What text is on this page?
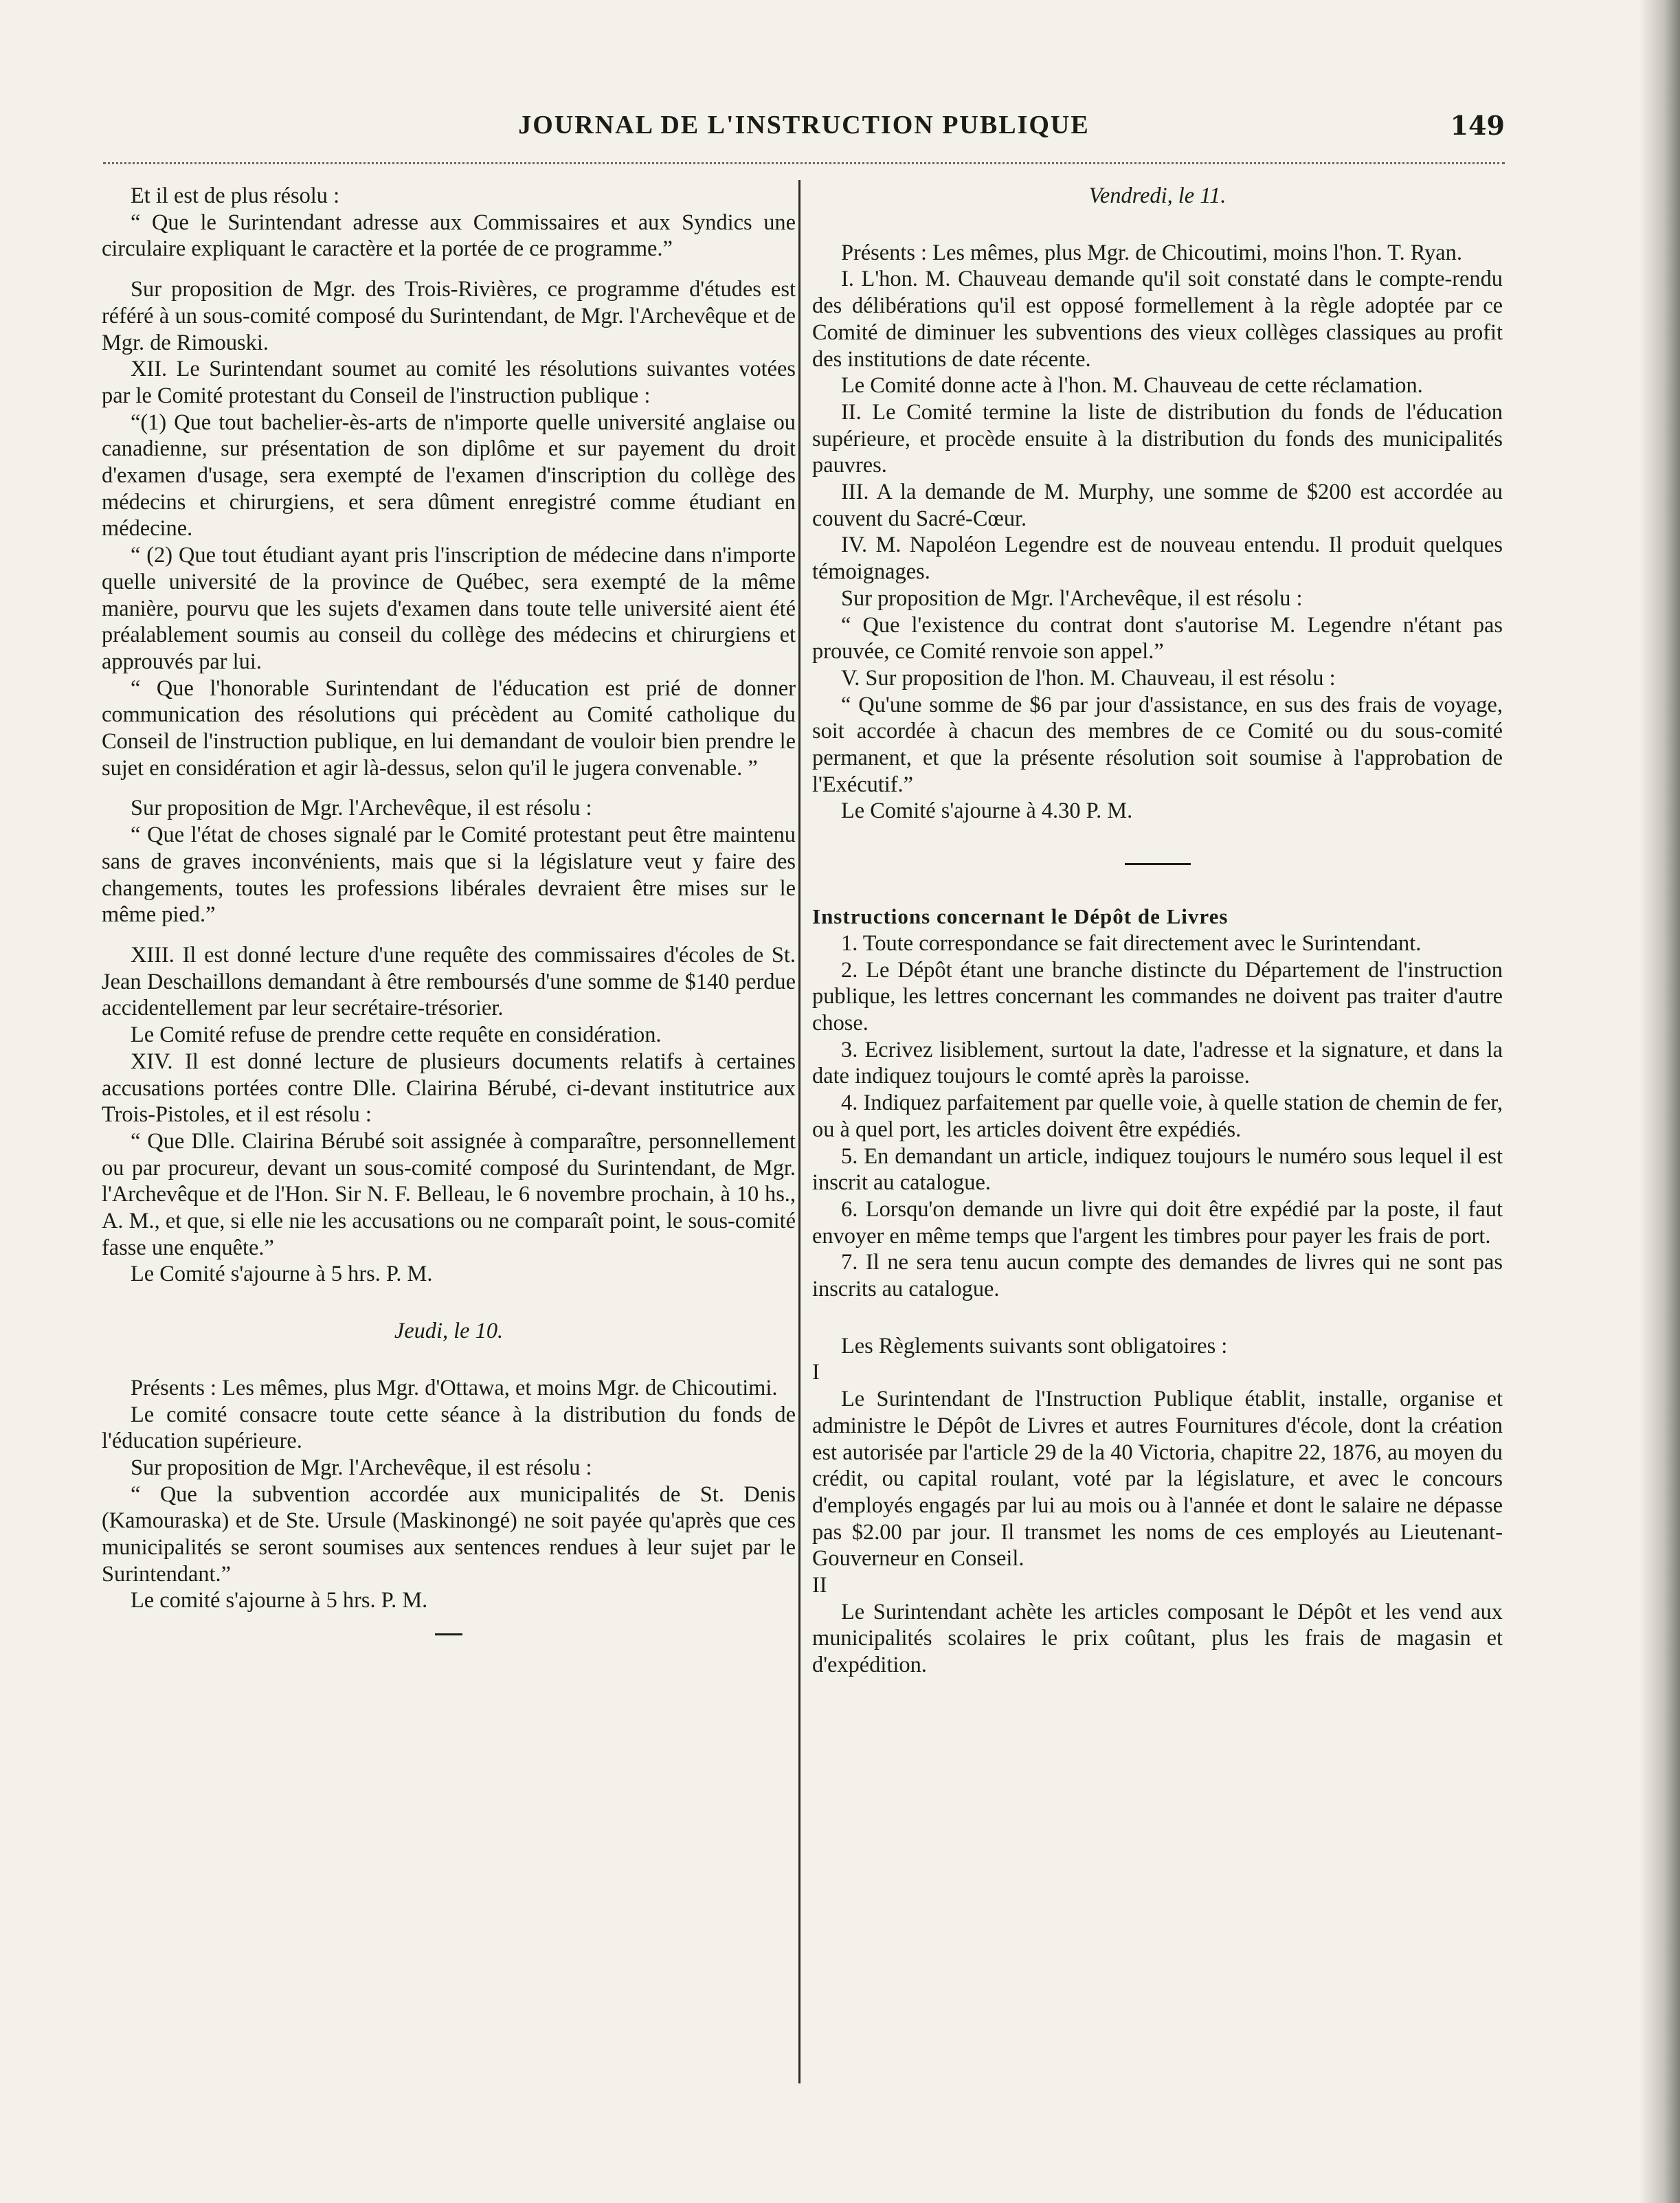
JOURNAL DE L'INSTRUCTION PUBLIQUE	149

Et il est de plus résolu :

“ Que le Surintendant adresse aux Commissaires et aux Syndics une circulaire expliquant le caractère et la portée de ce programme.”

Sur proposition de Mgr. des Trois-Rivières, ce programme d'études est référé à un sous-comité composé du Surintendant, de Mgr. l'Archevêque et de Mgr. de Rimouski.

XII. Le Surintendant soumet au comité les résolutions suivantes votées par le Comité protestant du Conseil de l'instruction publique :

“(1) Que tout bachelier-ès-arts de n'importe quelle université anglaise ou canadienne, sur présentation de son diplôme et sur payement du droit d'examen d'usage, sera exempté de l'examen d'inscription du collège des médecins et chirurgiens, et sera dûment enregistré comme étudiant en médecine.

“ (2) Que tout étudiant ayant pris l'inscription de médecine dans n'importe quelle université de la province de Québec, sera exempté de la même manière, pourvu que les sujets d'examen dans toute telle université aient été préalablement soumis au conseil du collège des médecins et chirurgiens et approuvés par lui.

“ Que l'honorable Surintendant de l'éducation est prié de donner communication des résolutions qui précèdent au Comité catholique du Conseil de l'instruction publique, en lui demandant de vouloir bien prendre le sujet en considération et agir là-dessus, selon qu'il le jugera convenable. ”

Sur proposition de Mgr. l'Archevêque, il est résolu :

“ Que l'état de choses signalé par le Comité protestant peut être maintenu sans de graves inconvénients, mais que si la législature veut y faire des changements, toutes les professions libérales devraient être mises sur le même pied.”

XIII. Il est donné lecture d'une requête des commissaires d'écoles de St. Jean Deschaillons demandant à être remboursés d'une somme de $140 perdue accidentellement par leur secrétaire-trésorier.

Le Comité refuse de prendre cette requête en considération.

XIV. Il est donné lecture de plusieurs documents relatifs à certaines accusations portées contre Dlle. Clairina Bérubé, ci-devant institutrice aux Trois-Pistoles, et il est résolu :

“ Que Dlle. Clairina Bérubé soit assignée à comparaître, personnellement ou par procureur, devant un sous-comité composé du Surintendant, de Mgr. l'Archevêque et de l'Hon. Sir N. F. Belleau, le 6 novembre prochain, à 10 hs., A. M., et que, si elle nie les accusations ou ne comparaît point, le sous-comité fasse une enquête.”

Le Comité s'ajourne à 5 hrs. P. M.

Jeudi, le 10.

Présents : Les mêmes, plus Mgr. d'Ottawa, et moins Mgr. de Chicoutimi.

Le comité consacre toute cette séance à la distribution du fonds de l'éducation supérieure.

Sur proposition de Mgr. l'Archevêque, il est résolu :

“ Que la subvention accordée aux municipalités de St. Denis (Kamouraska) et de Ste. Ursule (Maskinongé) ne soit payée qu'après que ces municipalités se seront soumises aux sentences rendues à leur sujet par le Surintendant.”

Le comité s'ajourne à 5 hrs. P. M.

Vendredi, le 11.

Présents : Les mêmes, plus Mgr. de Chicoutimi, moins l'hon. T. Ryan.

I. L'hon. M. Chauveau demande qu'il soit constaté dans le compte-rendu des délibérations qu'il est opposé formellement à la règle adoptée par ce Comité de diminuer les subventions des vieux collèges classiques au profit des institutions de date récente.

Le Comité donne acte à l'hon. M. Chauveau de cette réclamation.

II. Le Comité termine la liste de distribution du fonds de l'éducation supérieure, et procède ensuite à la distribution du fonds des municipalités pauvres.

III. A la demande de M. Murphy, une somme de $200 est accordée au couvent du Sacré-Cœur.

IV. M. Napoléon Legendre est de nouveau entendu. Il produit quelques témoignages.

Sur proposition de Mgr. l'Archevêque, il est résolu :

“ Que l'existence du contrat dont s'autorise M. Legendre n'étant pas prouvée, ce Comité renvoie son appel.”

V. Sur proposition de l'hon. M. Chauveau, il est résolu :

“ Qu'une somme de $6 par jour d'assistance, en sus des frais de voyage, soit accordée à chacun des membres de ce Comité ou du sous-comité permanent, et que la présente résolution soit soumise à l'approbation de l'Exécutif.”

Le Comité s'ajourne à 4.30 P. M.

Instructions concernant le Dépôt de Livres

1. Toute correspondance se fait directement avec le Surintendant.

2. Le Dépôt étant une branche distincte du Département de l'instruction publique, les lettres concernant les commandes ne doivent pas traiter d'autre chose.

3. Ecrivez lisiblement, surtout la date, l'adresse et la signature, et dans la date indiquez toujours le comté après la paroisse.

4. Indiquez parfaitement par quelle voie, à quelle station de chemin de fer, ou à quel port, les articles doivent être expédiés.

5. En demandant un article, indiquez toujours le numéro sous lequel il est inscrit au catalogue.

6. Lorsqu'on demande un livre qui doit être expédié par la poste, il faut envoyer en même temps que l'argent les timbres pour payer les frais de port.

7. Il ne sera tenu aucun compte des demandes de livres qui ne sont pas inscrits au catalogue.

Les Règlements suivants sont obligatoires :

I

Le Surintendant de l'Instruction Publique établit, installe, organise et administre le Dépôt de Livres et autres Fournitures d'école, dont la création est autorisée par l'article 29 de la 40 Victoria, chapitre 22, 1876, au moyen du crédit, ou capital roulant, voté par la législature, et avec le concours d'employés engagés par lui au mois ou à l'année et dont le salaire ne dépasse pas $2.00 par jour. Il transmet les noms de ces employés au Lieutenant-Gouverneur en Conseil.

II

Le Surintendant achète les articles composant le Dépôt et les vend aux municipalités scolaires le prix coûtant, plus les frais de magasin et d'expédition.
